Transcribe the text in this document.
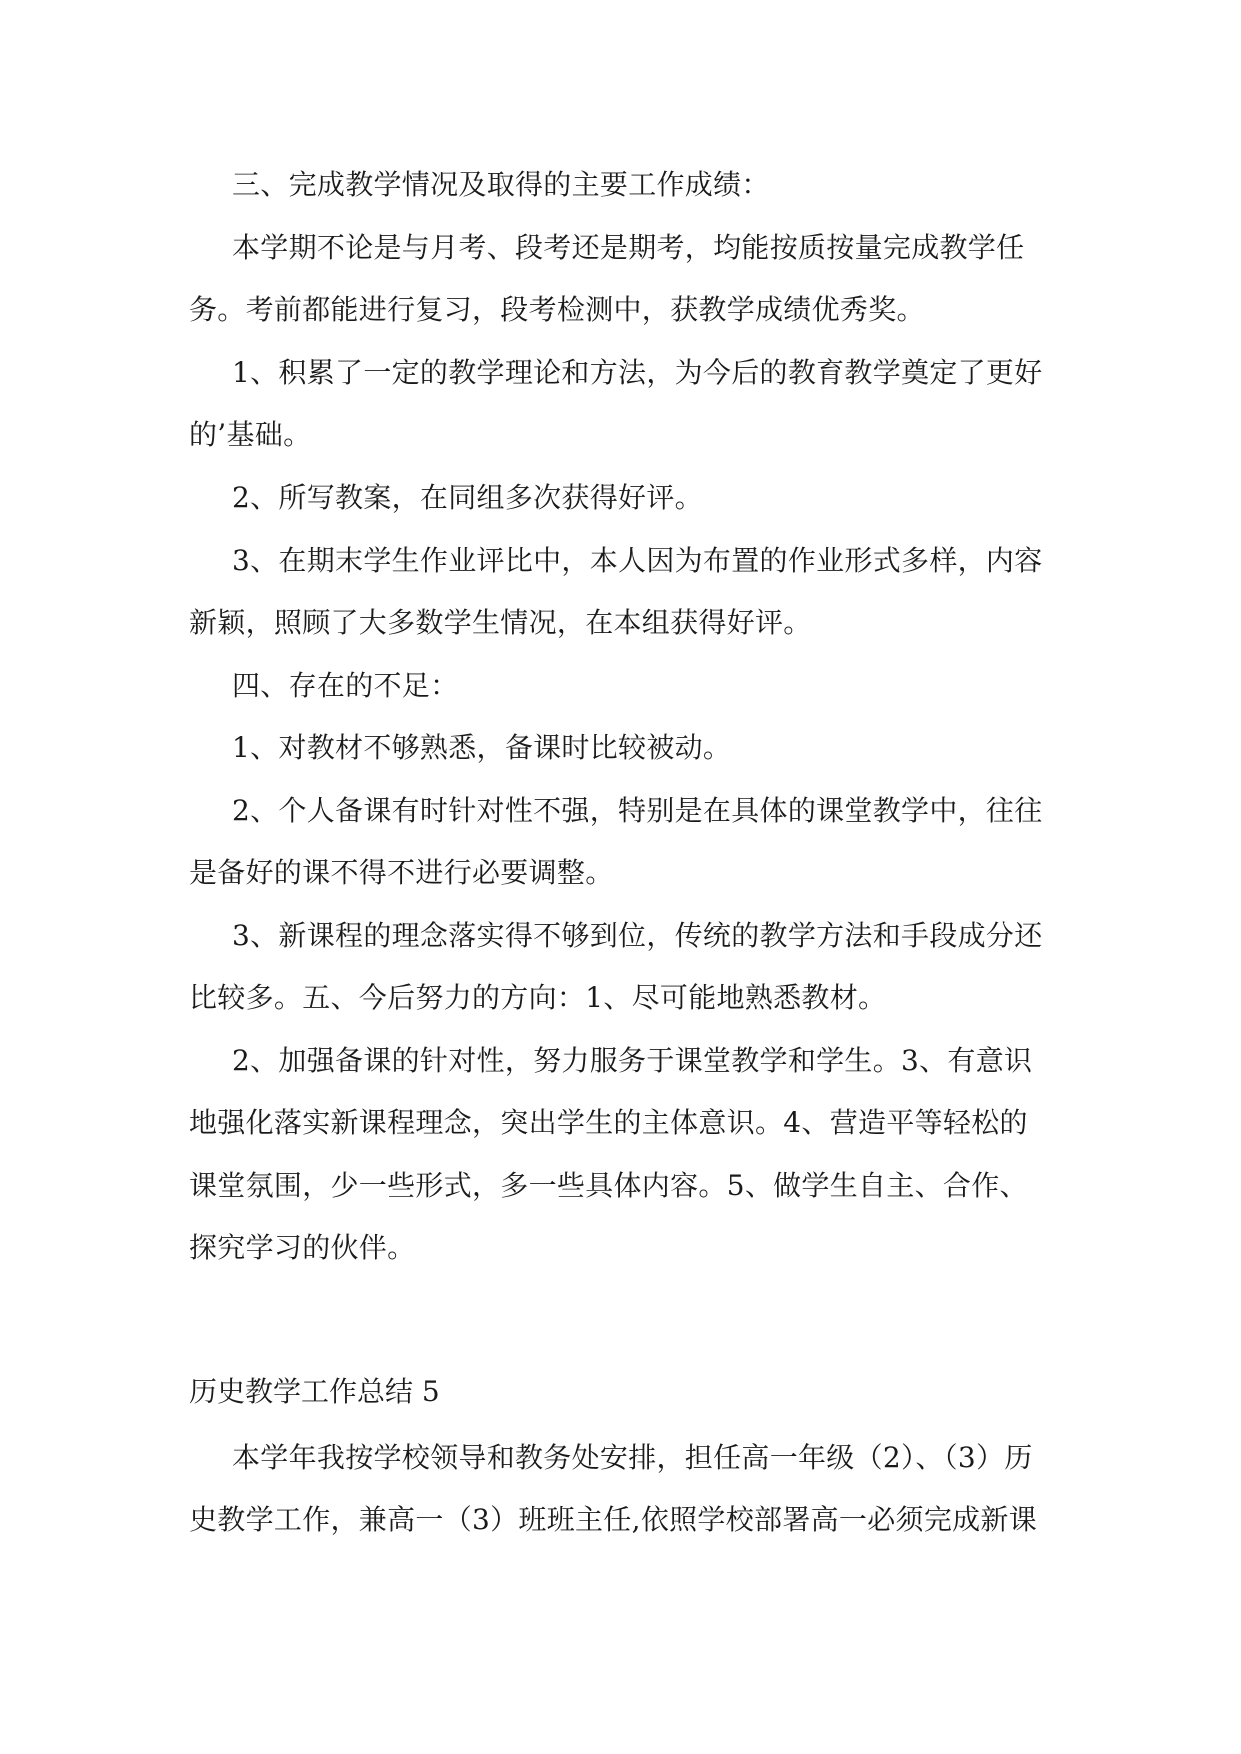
三、完成教学情况及取得的主要工作成绩：
本学期不论是与月考、段考还是期考，均能按质按量完成教学任
务。考前都能进行复习，段考检测中，获教学成绩优秀奖。
1、积累了一定的教学理论和方法，为今后的教育教学奠定了更好
的’基础。
2、所写教案，在同组多次获得好评。
3、在期末学生作业评比中，本人因为布置的作业形式多样，内容
新颖，照顾了大多数学生情况，在本组获得好评。
四、存在的不足：
1、对教材不够熟悉，备课时比较被动。
2、个人备课有时针对性不强，特别是在具体的课堂教学中，往往
是备好的课不得不进行必要调整。
3、新课程的理念落实得不够到位，传统的教学方法和手段成分还
比较多。五、今后努力的方向：1、尽可能地熟悉教材。
2、加强备课的针对性，努力服务于课堂教学和学生。3、有意识
地强化落实新课程理念，突出学生的主体意识。4、营造平等轻松的
课堂氛围，少一些形式，多一些具体内容。5、做学生自主、合作、
探究学习的伙伴。
历史教学工作总结 5
本学年我按学校领导和教务处安排，担任高一年级（2）、（3）历
史教学工作，兼高一（3）班班主任,依照学校部署高一必须完成新课
